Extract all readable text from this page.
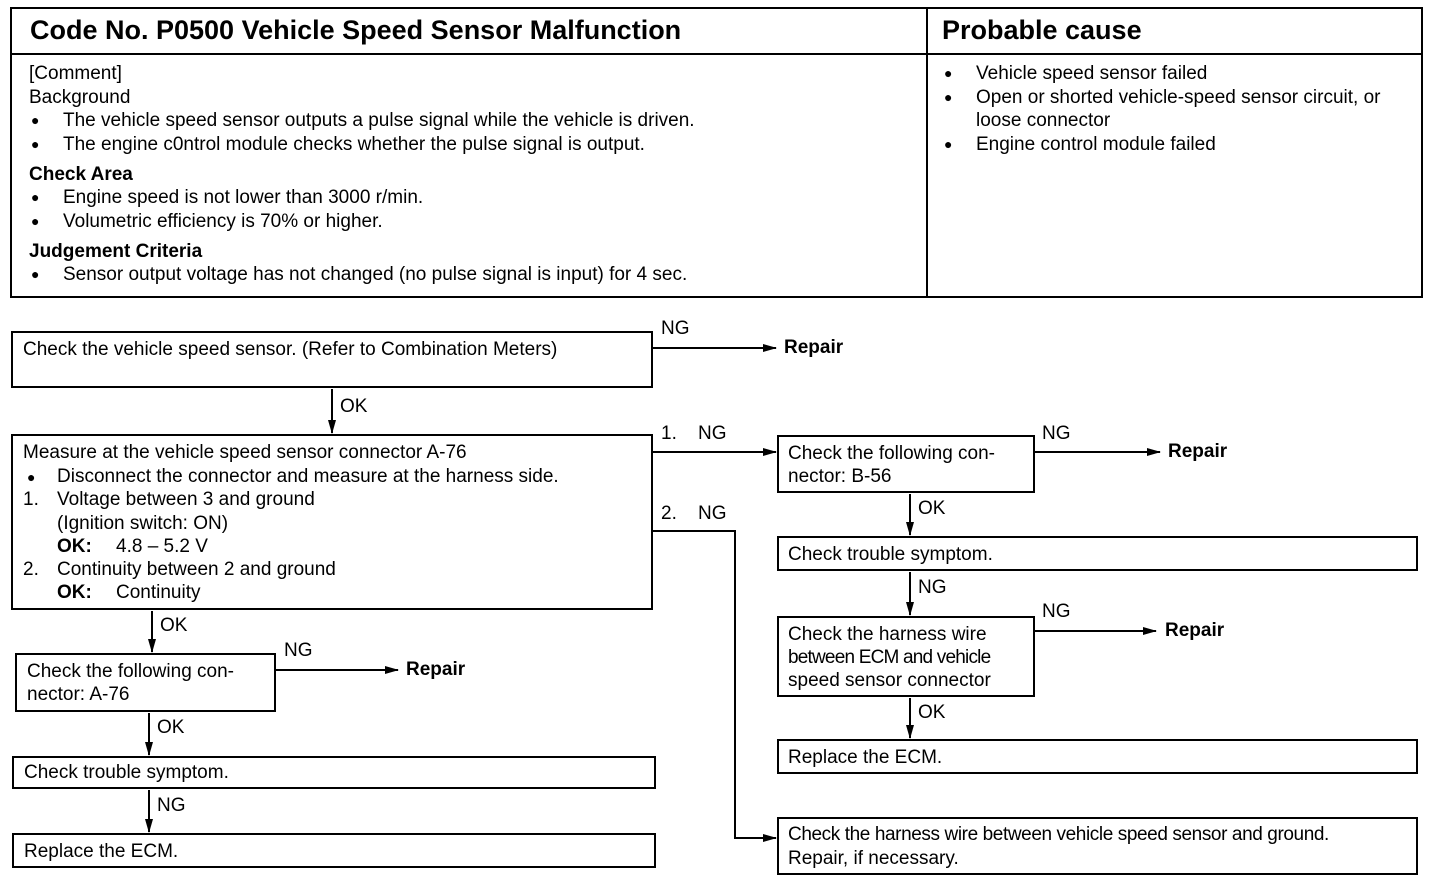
Code No. P0500 Vehicle Speed Sensor Malfunction	Probable cause
[Comment]
Background
● The vehicle speed sensor outputs a pulse signal while the vehicle is driven.
● The engine c0ntrol module checks whether the pulse signal is output.
Check Area
● Engine speed is not lower than 3000 r/min.
● Volumetric efficiency is 70% or higher.
Judgement Criteria
● Sensor output voltage has not changed (no pulse signal is input) for 4 sec.
● Vehicle speed sensor failed
● Open or shorted vehicle-speed sensor circuit, or loose connector
● Engine control module failed
Check the vehicle speed sensor. (Refer to Combination Meters)
Measure at the vehicle speed sensor connector A-76
● Disconnect the connector and measure at the harness side.
1. Voltage between 3 and ground
(Ignition switch: ON)
OK: 4.8 – 5.2 V
2. Continuity between 2 and ground
OK: Continuity
Check the following con-
nector: A-76
Check trouble symptom.
Replace the ECM.
Check the following con-
nector: B-56
Check trouble symptom.
Check the harness wire
between ECM and vehicle
speed sensor connector
Replace the ECM.
Check the harness wire between vehicle speed sensor and ground.
Repair, if necessary.
NG
Repair
OK
1. NG
2. NG
OK
NG
Repair
OK
NG
NG
Repair
OK
NG
NG
Repair
OK
